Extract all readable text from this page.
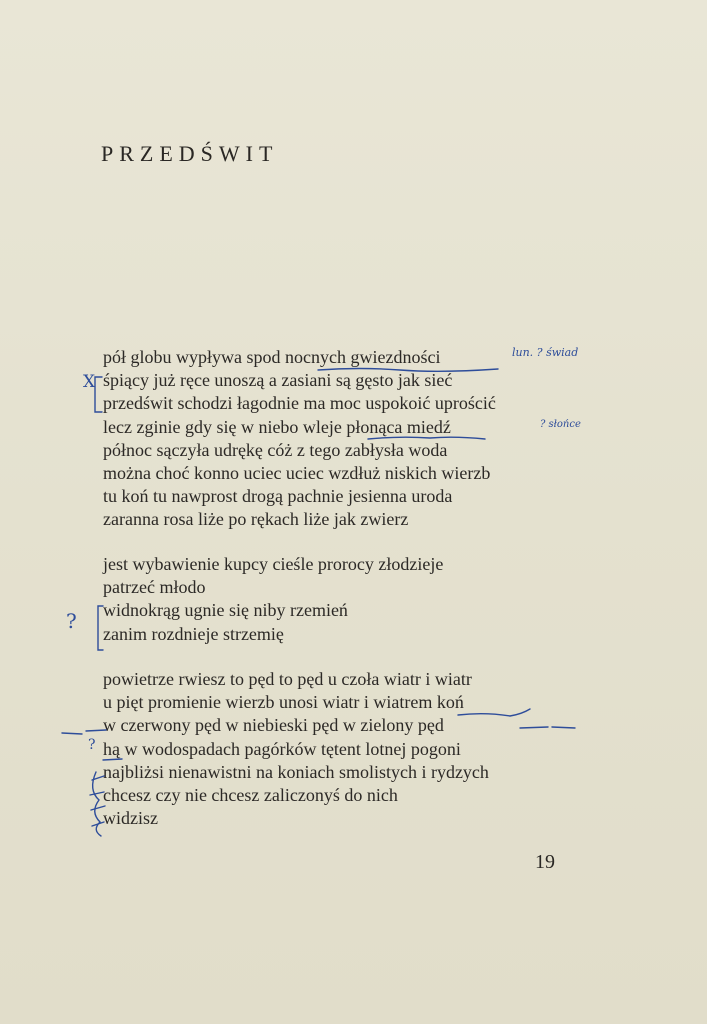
PRZEDŚWIT
pół globu wypływa spod nocnych gwiezdności
śpiący już ręce unoszą a zasiani są gęsto jak sieć
przedświt schodzi łagodnie ma moc uspokoić uprościć
lecz zginie gdy się w niebo wleje płonąca miedź
północ sączyła udrękę cóż z tego zabłysła woda
można choć konno uciec uciec wzdłuż niskich wierzb
tu koń tu nawprost drogą pachnie jesienna uroda
zaranna rosa liże po rękach liże jak zwierz
jest wybawienie kupcy cieśle prorocy złodzieje
patrzeć młodo
widnokrąg ugnie się niby rzemień
zanim rozdnieje strzemię
powietrze rwiesz to pęd to pęd u czoła wiatr i wiatr
u pięt promienie wierzb unosi wiatr i wiatrem koń
w czerwony pęd w niebieski pęd w zielony pęd
hą w wodospadach pagórków tętent lotnej pogoni
najbliżsi nienawistni na koniach smolistych i rydzych
chcesz czy nie chcesz zaliczonyś do nich
widzisz
19
lun. ? świad
? słońce
X
?
?
